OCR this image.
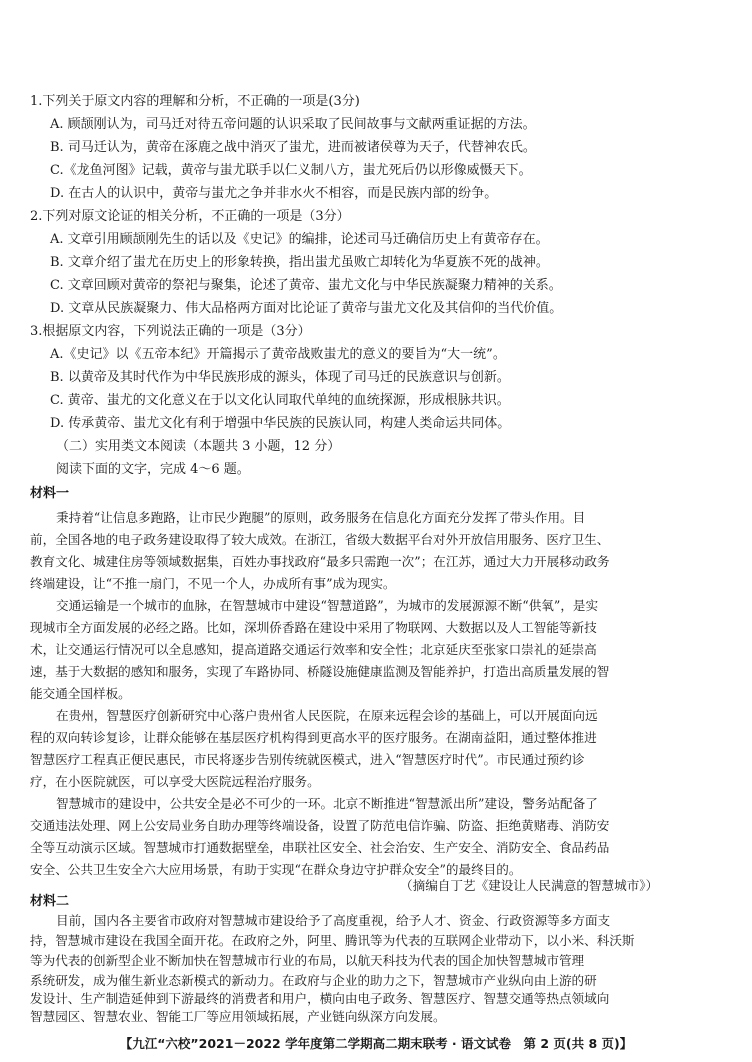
1.下列关于原文内容的理解和分析，不正确的一项是(3分)
A. 顾颉刚认为，司马迁对待五帝问题的认识采取了民间故事与文献两重证据的方法。
B. 司马迁认为，黄帝在涿鹿之战中消灭了蚩尤，进而被诸侯尊为天子，代替神农氏。
C.《龙鱼河图》记载，黄帝与蚩尤联手以仁义制八方，蚩尤死后仍以形像威慑天下。
D. 在古人的认识中，黄帝与蚩尤之争并非水火不相容，而是民族内部的纷争。
2.下列对原文论证的相关分析，不正确的一项是（3分）
A. 文章引用顾颉刚先生的话以及《史记》的编排，论述司马迁确信历史上有黄帝存在。
B. 文章介绍了蚩尤在历史上的形象转换，指出蚩尤虽败亡却转化为华夏族不死的战神。
C. 文章回顾对黄帝的祭祀与聚集，论述了黄帝、蚩尤文化与中华民族凝聚力精神的关系。
D. 文章从民族凝聚力、伟大品格两方面对比论证了黄帝与蚩尤文化及其信仰的当代价值。
3.根据原文内容，下列说法正确的一项是（3分）
A.《史记》以《五帝本纪》开篇揭示了黄帝战败蚩尤的意义的要旨为“大一统”。
B. 以黄帝及其时代作为中华民族形成的源头，体现了司马迁的民族意识与创新。
C. 黄帝、蚩尤的文化意义在于以文化认同取代单纯的血统探源，形成根脉共识。
D. 传承黄帝、蚩尤文化有利于增强中华民族的民族认同，构建人类命运共同体。
（二）实用类文本阅读（本题共 3 小题，12 分）
阅读下面的文字，完成 4～6 题。
材料一
秉持着“让信息多跑路，让市民少跑腿”的原则，政务服务在信息化方面充分发挥了带头作用。目
前，全国各地的电子政务建设取得了较大成效。在浙江，省级大数据平台对外开放信用服务、医疗卫生、
教育文化、城建住房等领域数据集，百姓办事找政府“最多只需跑一次”；在江苏，通过大力开展移动政务
终端建设，让“不推一扇门，不见一个人，办成所有事”成为现实。
交通运输是一个城市的血脉，在智慧城市中建设“智慧道路”，为城市的发展源源不断“供氧”，是实
现城市全方面发展的必经之路。比如，深圳侨香路在建设中采用了物联网、大数据以及人工智能等新技
术，让交通运行情况可以全息感知，提高道路交通运行效率和安全性；北京延庆至张家口崇礼的延崇高
速，基于大数据的感知和服务，实现了车路协同、桥隧设施健康监测及智能养护，打造出高质量发展的智
能交通全国样板。
在贵州，智慧医疗创新研究中心落户贵州省人民医院，在原来远程会诊的基础上，可以开展面向远
程的双向转诊复诊，让群众能够在基层医疗机构得到更高水平的医疗服务。在湖南益阳，通过整体推进
智慧医疗工程真正便民惠民，市民将逐步告别传统就医模式，进入“智慧医疗时代”。市民通过预约诊
疗，在小医院就医，可以享受大医院远程治疗服务。
智慧城市的建设中，公共安全是必不可少的一环。北京不断推进“智慧派出所”建设，警务站配备了
交通违法处理、网上公安局业务自助办理等终端设备，设置了防范电信诈骗、防盗、拒绝黄赌毒、消防安
全等互动演示区域。智慧城市打通数据壁垒，串联社区安全、社会治安、生产安全、消防安全、食品药品
安全、公共卫生安全六大应用场景，有助于实现“在群众身边守护群众安全”的最终目的。
（摘编自丁艺《建设让人民满意的智慧城市》）
材料二
目前，国内各主要省市政府对智慧城市建设给予了高度重视，给予人才、资金、行政资源等多方面支
持，智慧城市建设在我国全面开花。在政府之外，阿里、腾讯等为代表的互联网企业带动下，以小米、科沃斯
等为代表的创新型企业不断加快在智慧城市行业的布局，以航天科技为代表的国企加快智慧城市管理
系统研发，成为催生新业态新模式的新动力。在政府与企业的助力之下，智慧城市产业纵向由上游的研
【九江“六校”2021－2022 学年度第二学期高二期末联考 · 语文试卷　第 2 页(共 8 页)】
发设计、生产制造延伸到下游最终的消费者和用户，横向由电子政务、智慧医疗、智慧交通等热点领域向
智慧园区、智慧农业、智能工厂等应用领域拓展，产业链向纵深方向发展。
